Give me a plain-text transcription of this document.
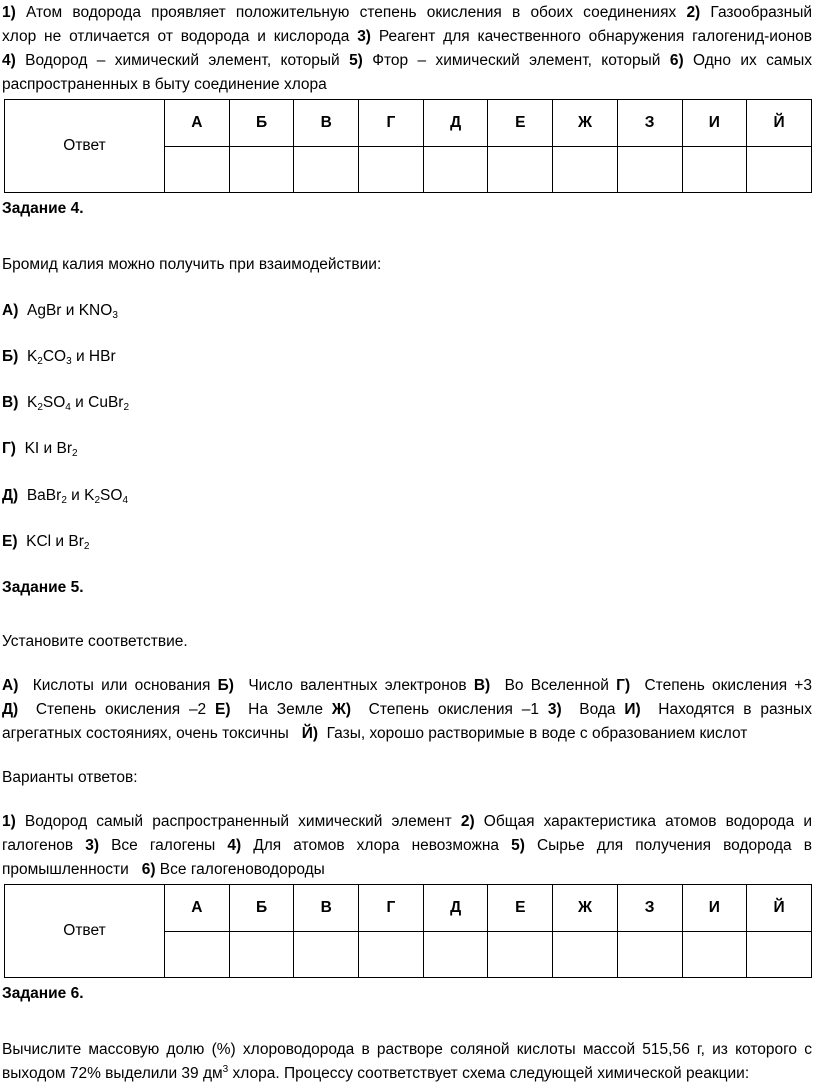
1) Атом водорода проявляет положительную степень окисления в обоих соединениях 2) Газообразный
хлор не отличается от водорода и кислорода 3) Реагент для качественного обнаружения галогенид-ионов
4) Водород – химический элемент, который 5) Фтор – химический элемент, который 6) Одно их самых
распространенных в быту соединение хлора
Ответ	А	Б	В	Г	Д	Е	Ж	З	И	Й

Задание 4.
Бромид калия можно получить при взаимодействии:
А) AgBr и $KNO_3$
Б) $K_2CO_3$ и HBr
В) $K_2SO_4$ и CuBr$_2$
Г) KI и $Br_2$
Д) BaBr$_2$ и $K_2SO_4$
Е) KCl и $Br_2$
Задание 5.
Установите соответствие.
А) Кислоты или основания Б) Число валентных электронов В) Во Вселенной Г) Степень окисления +3
Д) Степень окисления –2 Е) На Земле Ж) Степень окисления –1 3) Вода И) Находятся в разных
агрегатных состояниях, очень токсичны Й) Газы, хорошо растворимые в воде с образованием кислот
Варианты ответов:
1) Водород самый распространенный химический элемент 2) Общая характеристика атомов водорода и
галогенов 3) Все галогены 4) Для атомов хлора невозможна 5) Сырье для получения водорода в
промышленности 6) Все галогеноводороды
Ответ	А	Б	В	Г	Д	Е	Ж	З	И	Й

Задание 6.
Вычислите массовую долю (%) хлороводорода в растворе соляной кислоты массой 515,56 г, из которого с
выходом 72% выделили 39 $дм^3$ хлора. Процессу соответствует схема следующей химической реакции:
